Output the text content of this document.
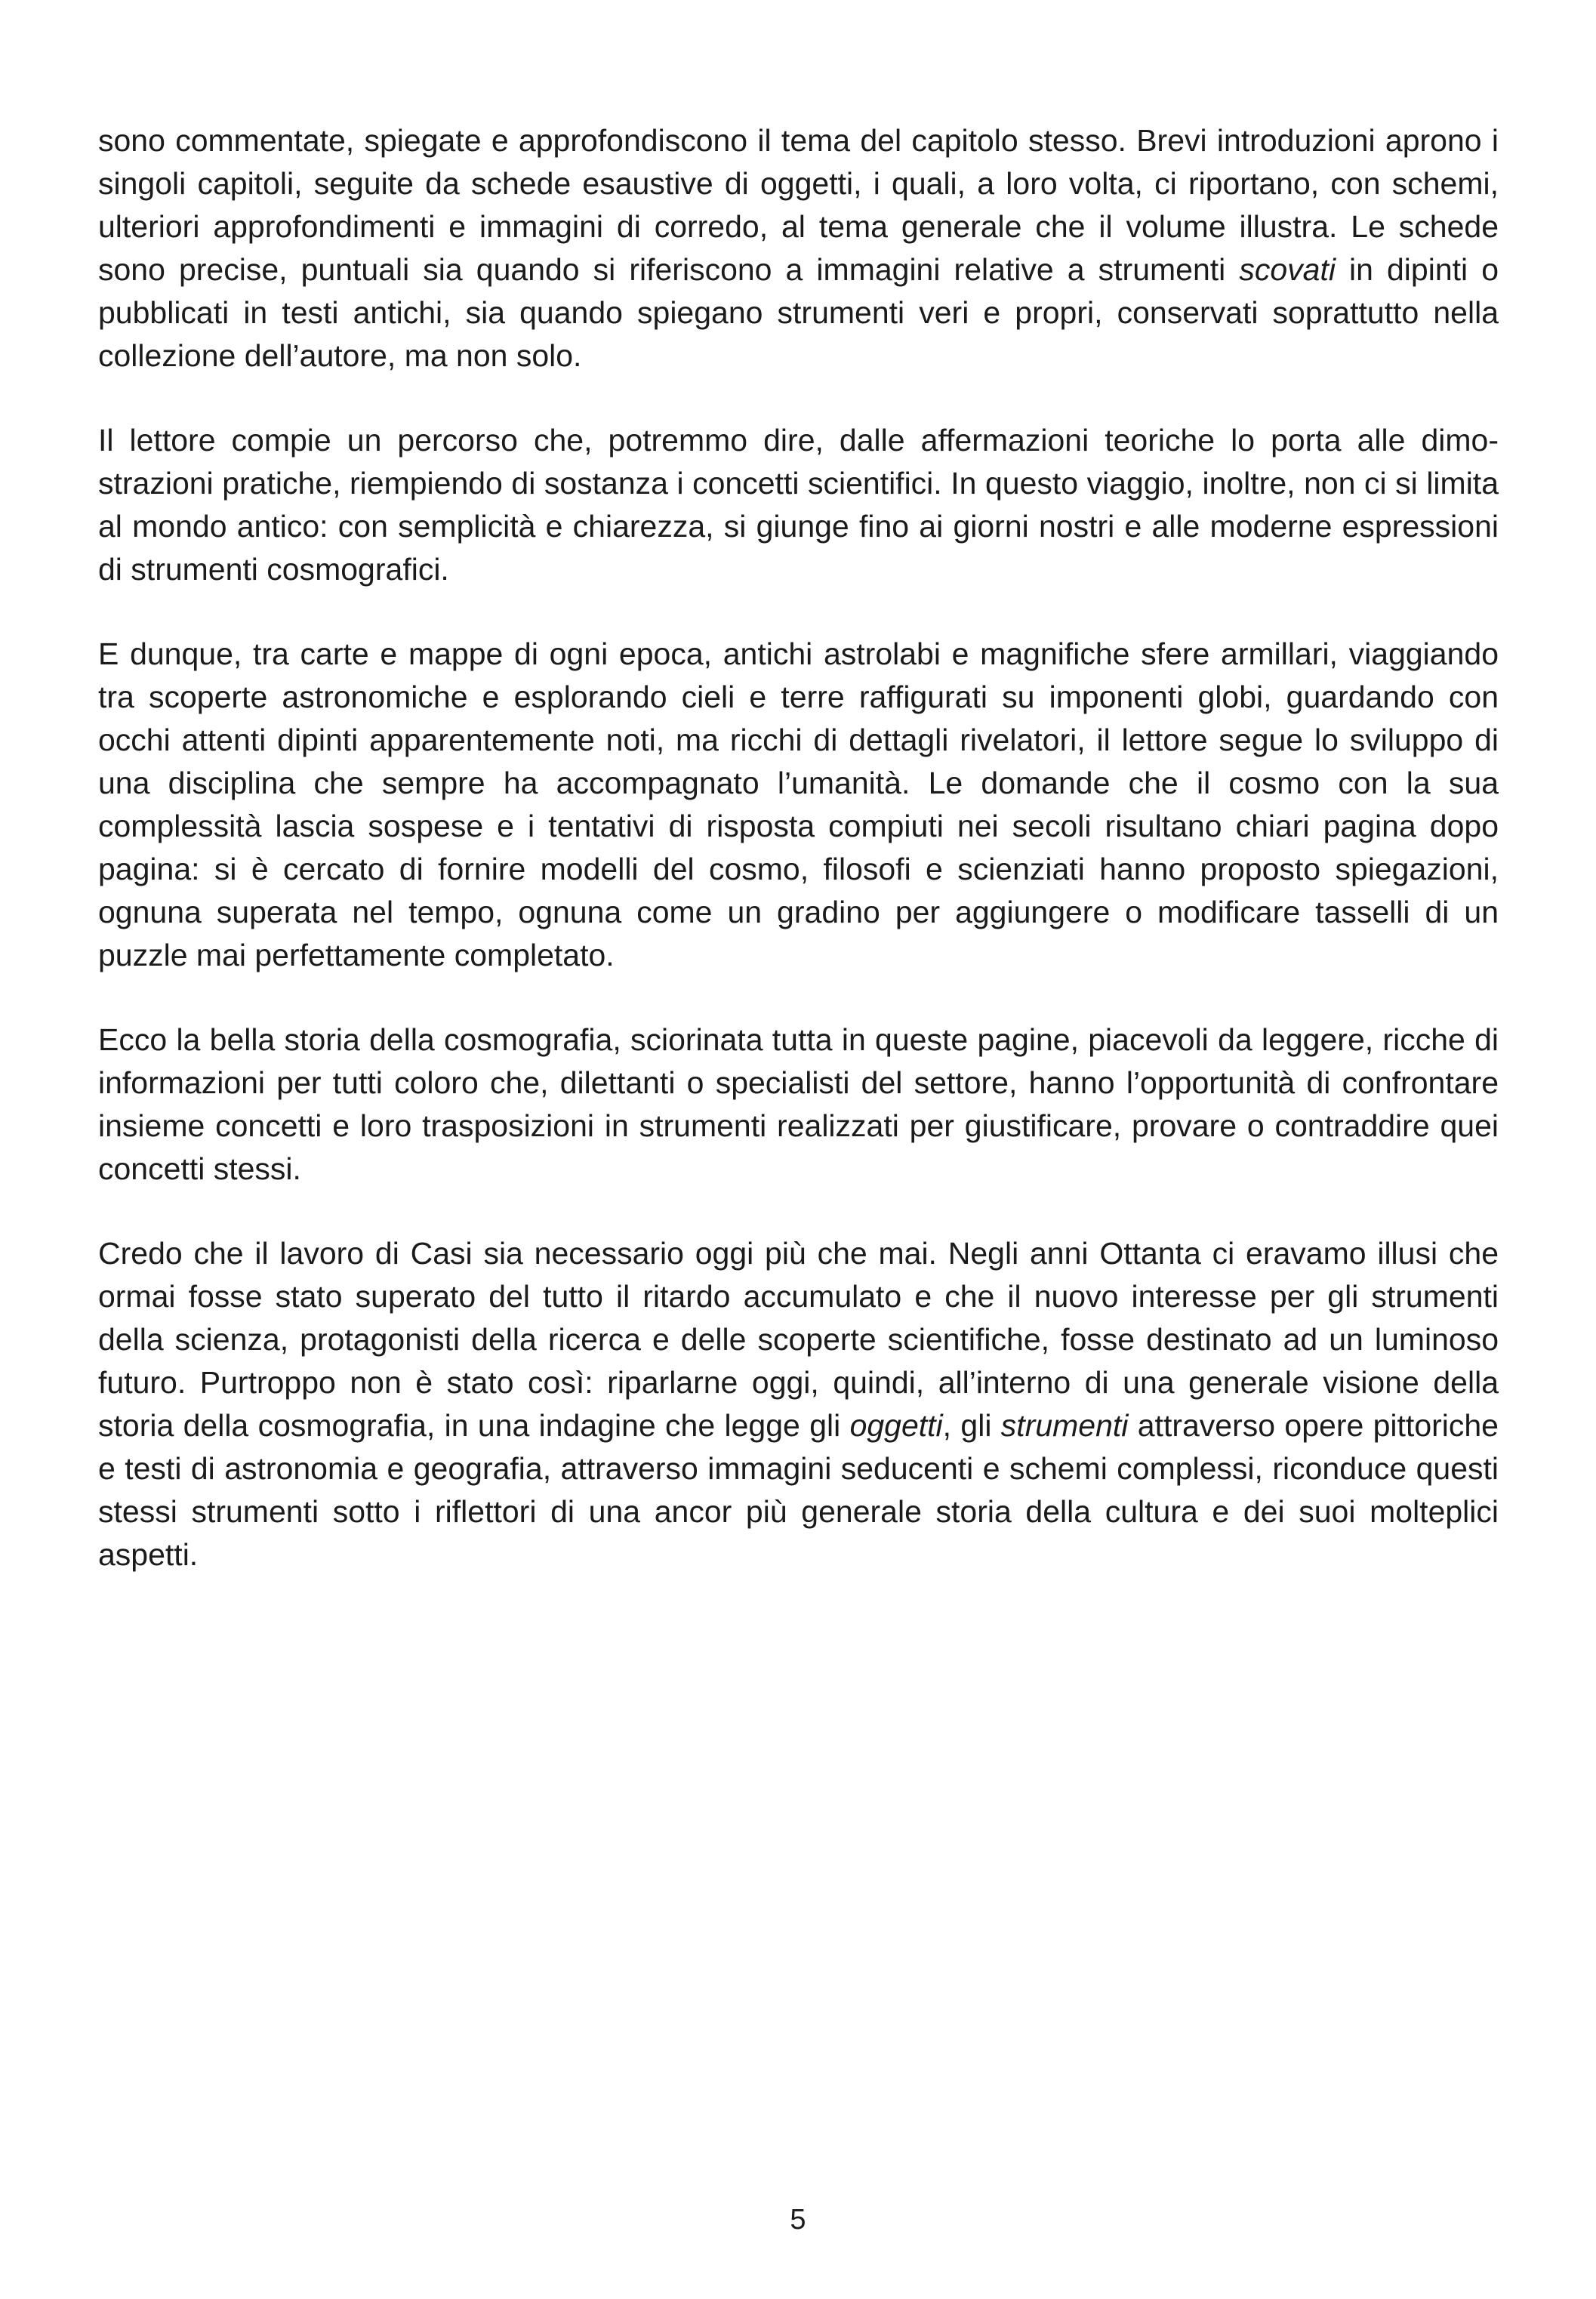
sono commentate, spiegate e approfondiscono il tema del capitolo stesso. Brevi introduzioni aprono i singoli capitoli, seguite da schede esaustive di oggetti, i quali, a loro volta, ci riportano, con schemi, ulteriori approfondimenti e immagini di corredo, al tema generale che il volume illustra. Le schede sono precise, puntuali sia quando si riferiscono a immagini relative a strumenti scovati in dipinti o pubblicati in testi antichi, sia quando spiegano strumenti veri e propri, conservati soprattutto nella collezione dell’autore, ma non solo.

Il lettore compie un percorso che, potremmo dire, dalle affermazioni teoriche lo porta alle dimostrazioni pratiche, riempiendo di sostanza i concetti scientifici. In questo viaggio, inoltre, non ci si limita al mondo antico: con semplicità e chiarezza, si giunge fino ai giorni nostri e alle moderne espressioni di strumenti cosmografici.

E dunque, tra carte e mappe di ogni epoca, antichi astrolabi e magnifiche sfere armillari, viaggiando tra scoperte astronomiche e esplorando cieli e terre raffigurati su imponenti globi, guardando con occhi attenti dipinti apparentemente noti, ma ricchi di dettagli rivelatori, il lettore segue lo sviluppo di una disciplina che sempre ha accompagnato l’umanità. Le domande che il cosmo con la sua complessità lascia sospese e i tentativi di risposta compiuti nei secoli risultano chiari pagina dopo pagina: si è cercato di fornire modelli del cosmo, filosofi e scienziati hanno proposto spiegazioni, ognuna superata nel tempo, ognuna come un gradino per aggiungere o modificare tasselli di un puzzle mai perfettamente completato.

Ecco la bella storia della cosmografia, sciorinata tutta in queste pagine, piacevoli da leggere, ricche di informazioni per tutti coloro che, dilettanti o specialisti del settore, hanno l’opportunità di confrontare insieme concetti e loro trasposizioni in strumenti realizzati per giustificare, provare o contraddire quei concetti stessi.

Credo che il lavoro di Casi sia necessario oggi più che mai. Negli anni Ottanta ci eravamo illusi che ormai fosse stato superato del tutto il ritardo accumulato e che il nuovo interesse per gli strumenti della scienza, protagonisti della ricerca e delle scoperte scientifiche, fosse destinato ad un luminoso futuro. Purtroppo non è stato così: riparlarne oggi, quindi, all’interno di una generale visione della storia della cosmografia, in una indagine che legge gli oggetti, gli strumenti attraverso opere pittoriche e testi di astronomia e geografia, attraverso immagini seducenti e schemi complessi, riconduce questi stessi strumenti sotto i riflettori di una ancor più generale storia della cultura e dei suoi molteplici aspetti.

5
